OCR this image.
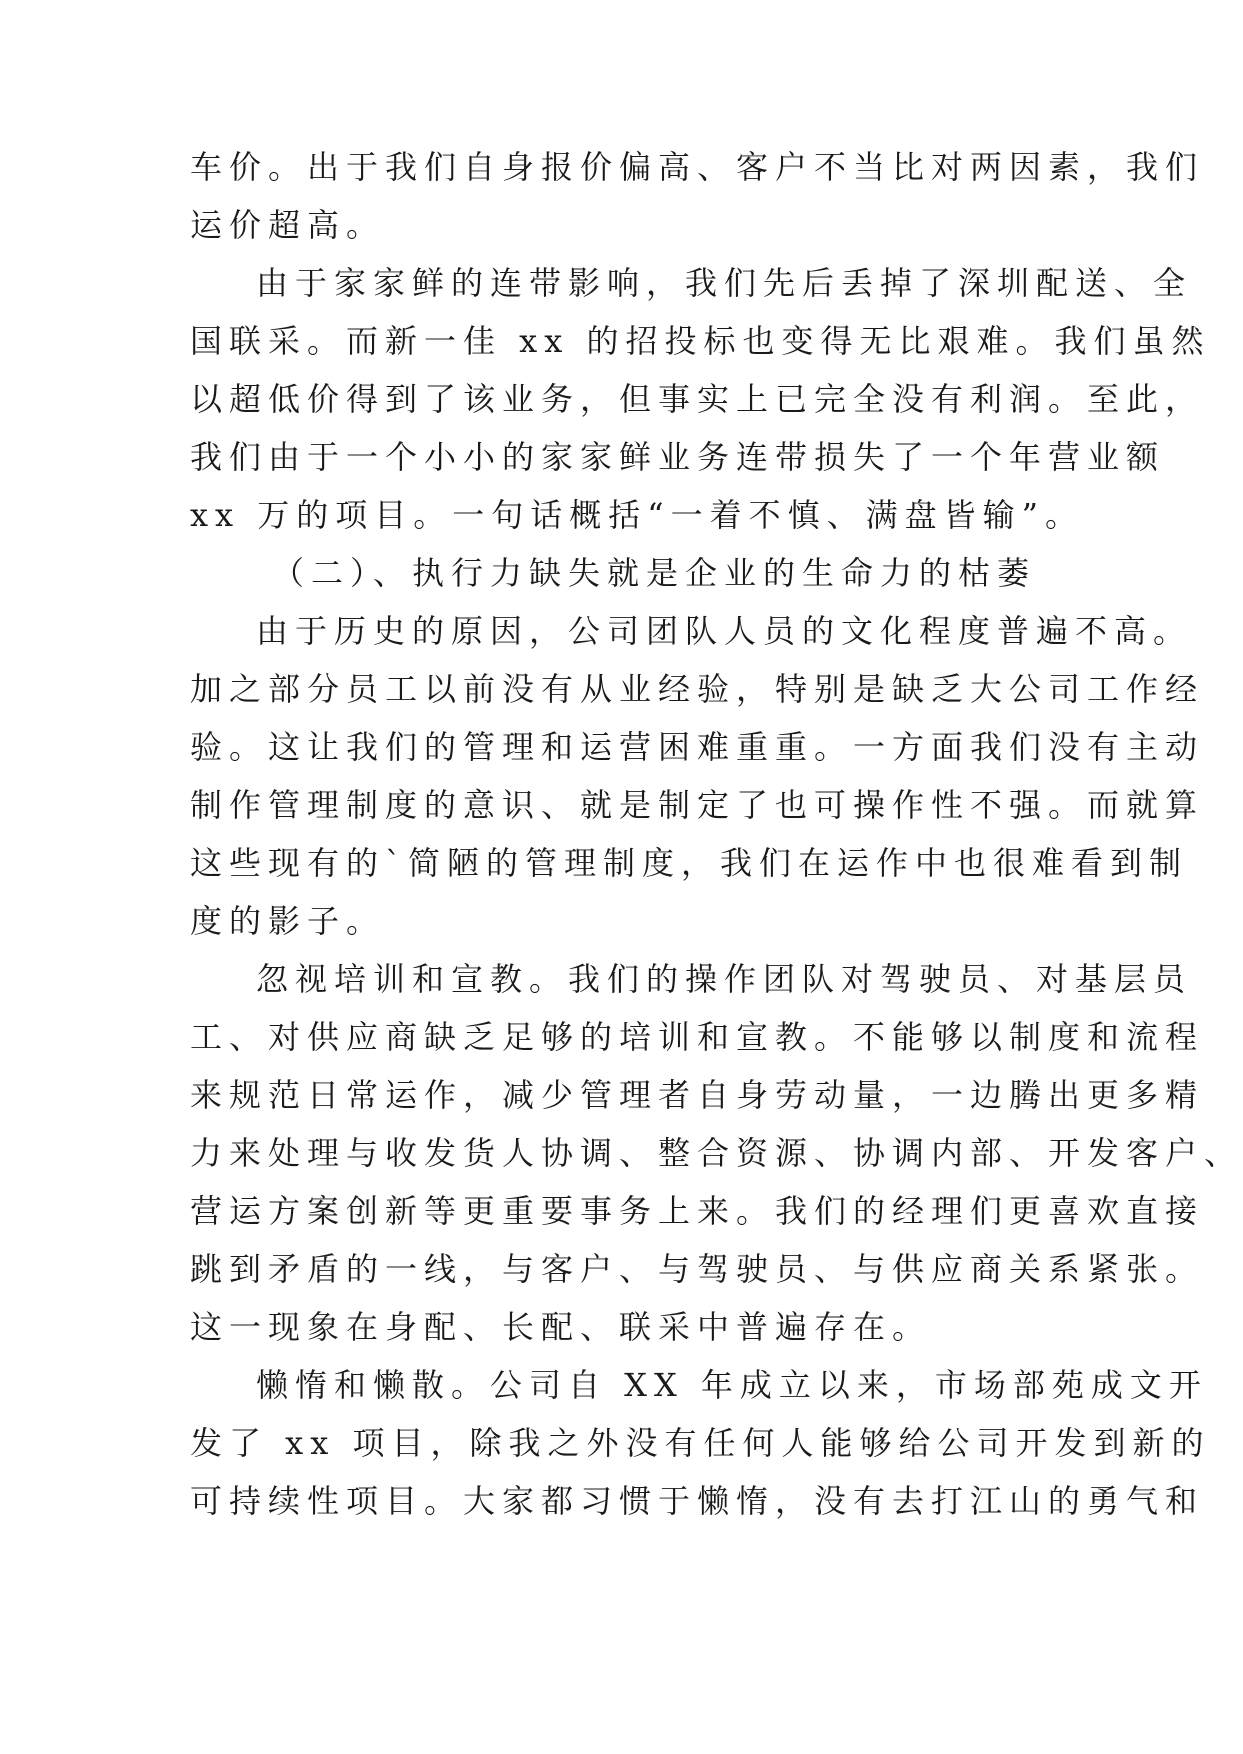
车价。出于我们自身报价偏高、客户不当比对两因素，我们
运价超高。
由于家家鲜的连带影响，我们先后丢掉了深圳配送、全
国联采。而新一佳 xx 的招投标也变得无比艰难。我们虽然
以超低价得到了该业务，但事实上已完全没有利润。至此，
我们由于一个小小的家家鲜业务连带损失了一个年营业额
xx 万的项目。一句话概括“一着不慎、满盘皆输”。
（二）、执行力缺失就是企业的生命力的枯萎
由于历史的原因，公司团队人员的文化程度普遍不高。
加之部分员工以前没有从业经验，特别是缺乏大公司工作经
验。这让我们的管理和运营困难重重。一方面我们没有主动
制作管理制度的意识、就是制定了也可操作性不强。而就算
这些现有的`简陋的管理制度，我们在运作中也很难看到制
度的影子。
忽视培训和宣教。我们的操作团队对驾驶员、对基层员
工、对供应商缺乏足够的培训和宣教。不能够以制度和流程
来规范日常运作，减少管理者自身劳动量，一边腾出更多精
力来处理与收发货人协调、整合资源、协调内部、开发客户、
营运方案创新等更重要事务上来。我们的经理们更喜欢直接
跳到矛盾的一线，与客户、与驾驶员、与供应商关系紧张。
这一现象在身配、长配、联采中普遍存在。
懒惰和懒散。公司自 XX 年成立以来，市场部苑成文开
发了 xx 项目，除我之外没有任何人能够给公司开发到新的
可持续性项目。大家都习惯于懒惰，没有去打江山的勇气和
